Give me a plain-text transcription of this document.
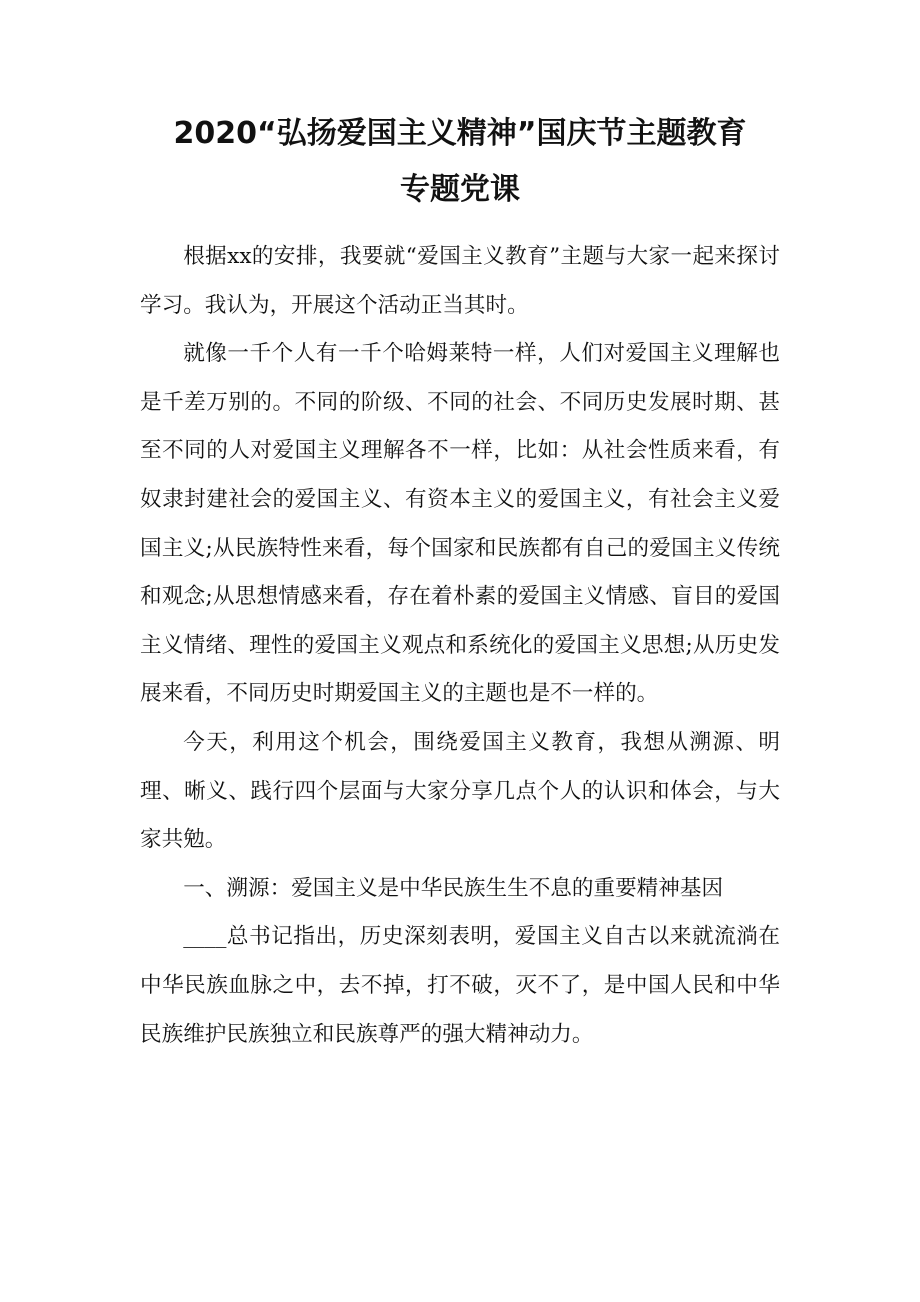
2020“弘扬爱国主义精神”国庆节主题教育
专题党课

根据xx的安排，我要就“爱国主义教育”主题与大家一起来探讨学习。我认为，开展这个活动正当其时。

就像一千个人有一千个哈姆莱特一样，人们对爱国主义理解也是千差万别的。不同的阶级、不同的社会、不同历史发展时期、甚至不同的人对爱国主义理解各不一样，比如：从社会性质来看，有奴隶封建社会的爱国主义、有资本主义的爱国主义，有社会主义爱国主义;从民族特性来看，每个国家和民族都有自己的爱国主义传统和观念;从思想情感来看，存在着朴素的爱国主义情感、盲目的爱国主义情绪、理性的爱国主义观点和系统化的爱国主义思想;从历史发展来看，不同历史时期爱国主义的主题也是不一样的。

今天，利用这个机会，围绕爱国主义教育，我想从溯源、明理、晰义、践行四个层面与大家分享几点个人的认识和体会，与大家共勉。

一、溯源：爱国主义是中华民族生生不息的重要精神基因

____总书记指出，历史深刻表明，爱国主义自古以来就流淌在中华民族血脉之中，去不掉，打不破，灭不了，是中国人民和中华民族维护民族独立和民族尊严的强大精神动力。
